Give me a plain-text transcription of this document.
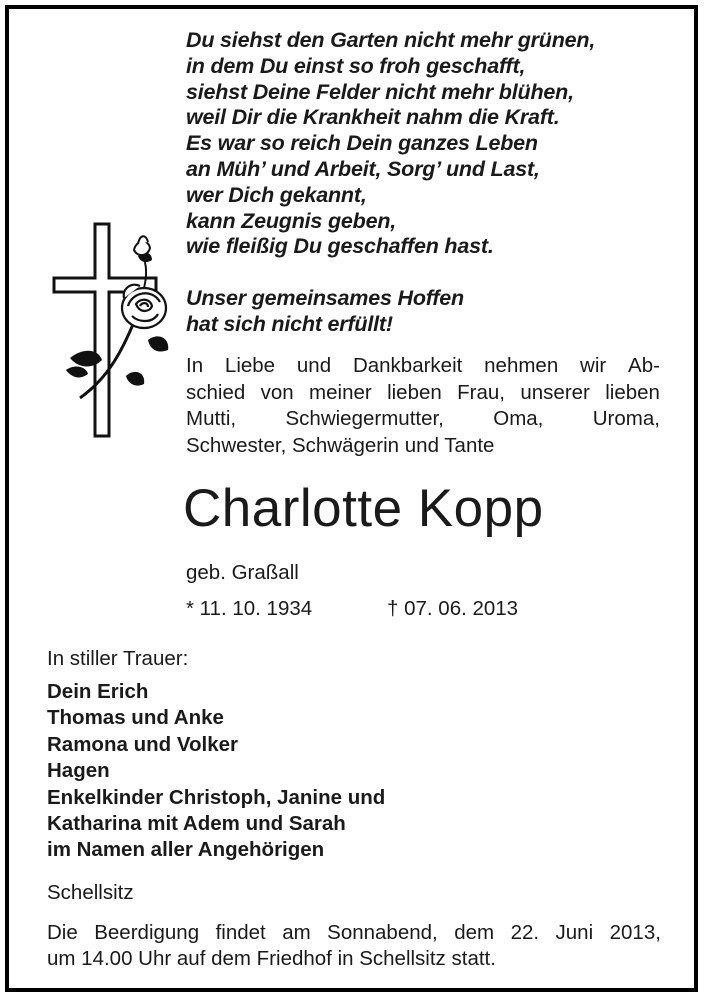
Du siehst den Garten nicht mehr grünen,
in dem Du einst so froh geschafft,
siehst Deine Felder nicht mehr blühen,
weil Dir die Krankheit nahm die Kraft.
Es war so reich Dein ganzes Leben
an Müh’ und Arbeit, Sorg’ und Last,
wer Dich gekannt,
kann Zeugnis geben,
wie fleißig Du geschaffen hast.
Unser gemeinsames Hoffen
hat sich nicht erfüllt!
In Liebe und Dankbarkeit nehmen wir Ab-
schied von meiner lieben Frau, unserer lieben
Mutti, Schwiegermutter, Oma, Uroma,
Schwester, Schwägerin und Tante
Charlotte Kopp
geb. Graßall
* 11. 10. 1934	† 07. 06. 2013
In stiller Trauer:
Dein Erich
Thomas und Anke
Ramona und Volker
Hagen
Enkelkinder Christoph, Janine und
Katharina mit Adem und Sarah
im Namen aller Angehörigen
Schellsitz
Die Beerdigung findet am Sonnabend, dem 22. Juni 2013,
um 14.00 Uhr auf dem Friedhof in Schellsitz statt.
